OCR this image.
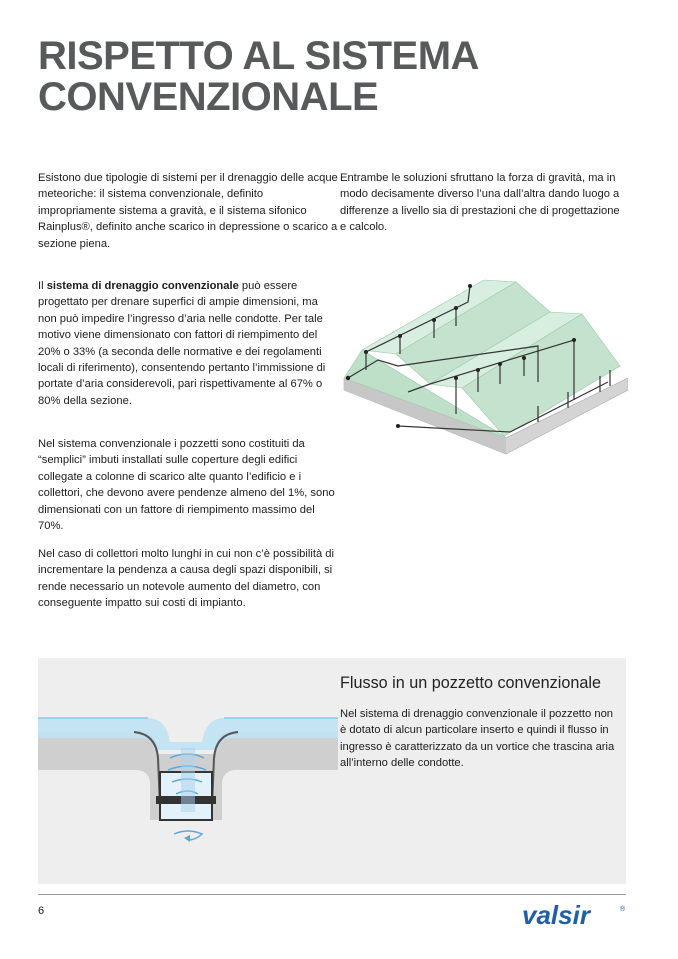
RISPETTO AL SISTEMA
CONVENZIONALE

Esistono due tipologie di sistemi per il drenaggio delle acque meteoriche: il sistema convenzionale, definito impropriamente sistema a gravità, e il sistema sifonico Rainplus®, definito anche scarico in depressione o scarico a sezione piena.

Entrambe le soluzioni sfruttano la forza di gravità, ma in modo decisamente diverso l’una dall’altra dando luogo a differenze a livello sia di prestazioni che di progettazione e calcolo.

Il sistema di drenaggio convenzionale può essere progettato per drenare superfici di ampie dimensioni, ma non può impedire l’ingresso d’aria nelle condotte. Per tale motivo viene dimensionato con fattori di riempimento del 20% o 33% (a seconda delle normative e dei regolamenti locali di riferimento), consentendo pertanto l’immissione di portate d’aria considerevoli, pari rispettivamente al 67% o 80% della sezione.

Nel sistema convenzionale i pozzetti sono costituiti da “semplici” imbuti installati sulle coperture degli edifici collegate a colonne di scarico alte quanto l’edificio e i collettori, che devono avere pendenze almeno del 1%, sono dimensionati con un fattore di riempimento massimo del 70%.

Nel caso di collettori molto lunghi in cui non c’è possibilità di incrementare la pendenza a causa degli spazi disponibili, si rende necessario un notevole aumento del diametro, con conseguente impatto sui costi di impianto.

Flusso in un pozzetto convenzionale

Nel sistema di drenaggio convenzionale il pozzetto non è dotato di alcun particolare inserto e quindi il flusso in ingresso è caratterizzato da un vortice che trascina aria all’interno delle condotte.

6	valsir	®
